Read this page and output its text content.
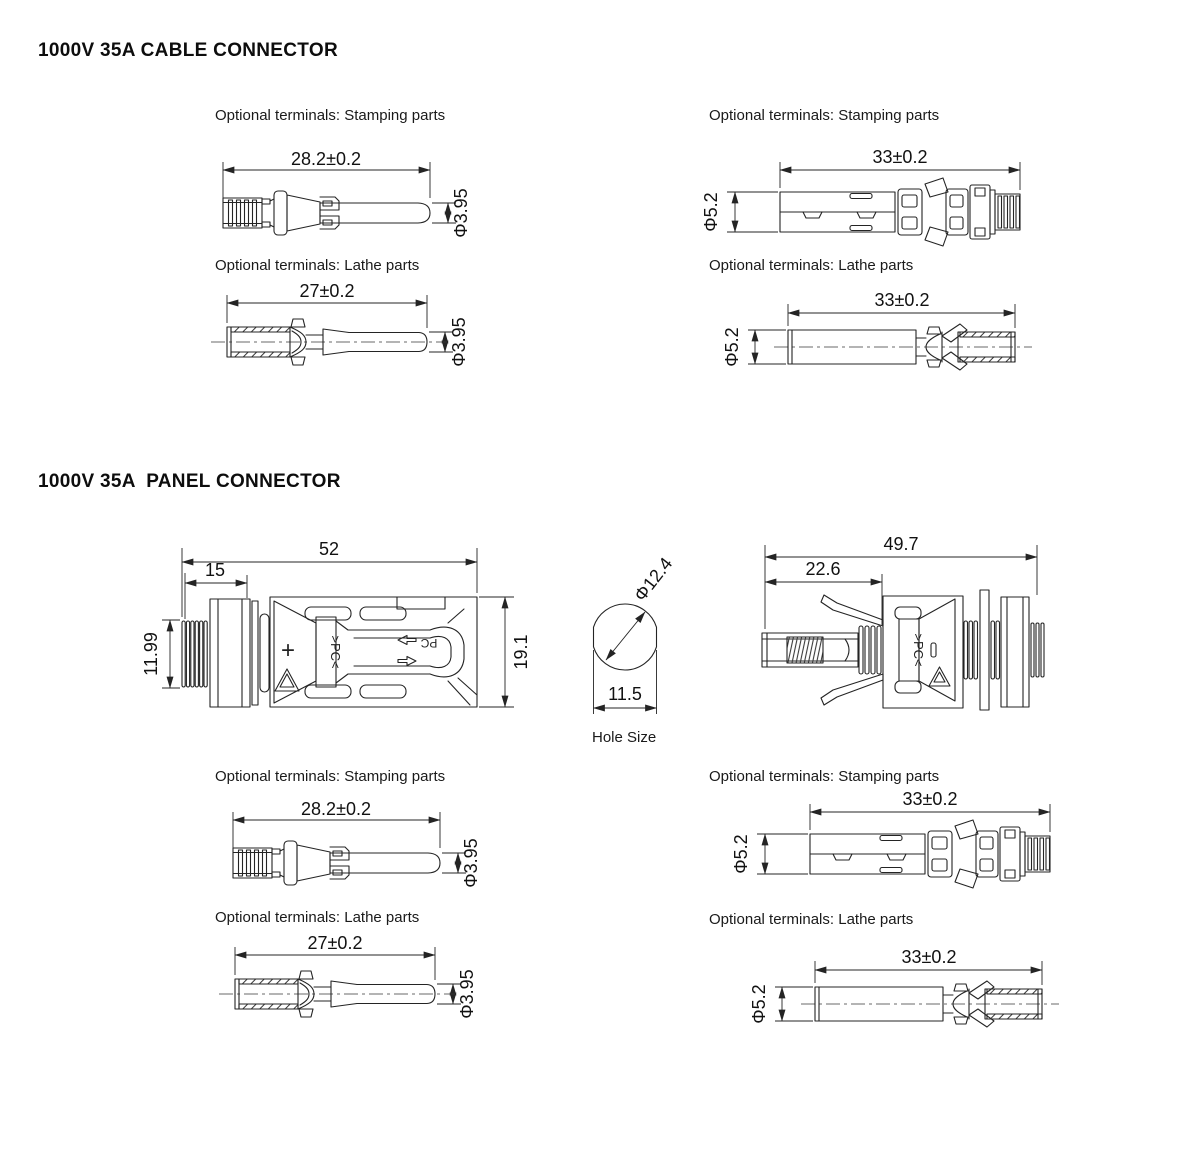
1000V 35A CABLE CONNECTOR
Optional terminals: Stamping parts	Optional terminals: Stamping parts
28.2±0.2
Φ3.95
33±0.2
Φ5.2
Optional terminals: Lathe parts	Optional terminals: Lathe parts
27±0.2
Φ3.95
33±0.2
Φ5.2
1000V 35A  PANEL CONNECTOR
52
15
11.99	19.1
+	>PC<	PC
Φ12.4
11.5
Hole Size
49.7
22.6
>PC<
Optional terminals: Stamping parts	Optional terminals: Stamping parts
28.2±0.2
Φ3.95
33±0.2
Φ5.2
Optional terminals: Lathe parts	Optional terminals: Lathe parts
27±0.2
Φ3.95
33±0.2
Φ5.2
